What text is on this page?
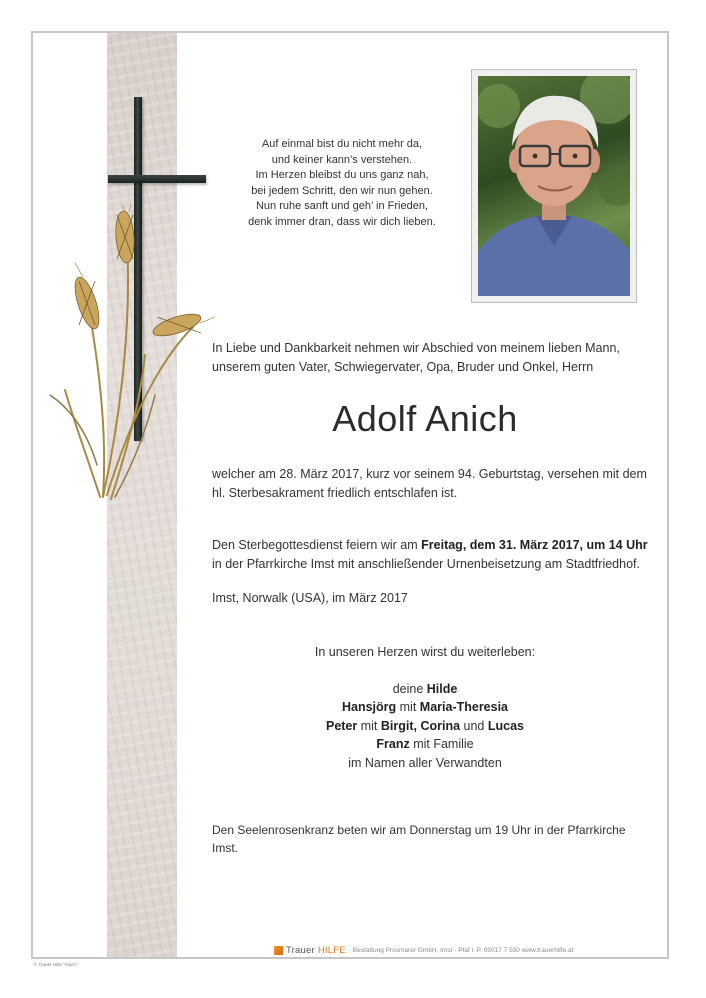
Auf einmal bist du nicht mehr da,
und keiner kann’s verstehen.
Im Herzen bleibst du uns ganz nah,
bei jedem Schritt, den wir nun gehen.
Nun ruhe sanft und geh’ in Frieden,
denk immer dran, dass wir dich lieben.
In Liebe und Dankbarkeit nehmen wir Abschied von meinem lieben Mann, unserem guten Vater, Schwiegervater, Opa, Bruder und Onkel, Herrn
Adolf Anich
welcher am 28. März 2017, kurz vor seinem 94. Geburtstag, versehen mit dem hl. Sterbesakrament friedlich entschlafen ist.
Den Sterbegottesdienst feiern wir am Freitag, dem 31. März 2017, um 14 Uhr in der Pfarrkirche Imst mit anschließender Urnenbeisetzung am Stadtfriedhof.
Imst, Norwalk (USA), im März 2017
In unseren Herzen wirst du weiterleben:
deine Hilde
Hansjörg mit Maria-Theresia
Peter mit Birgit, Corina und Lucas
Franz mit Familie
im Namen aller Verwandten
Den Seelenrosenkranz beten wir am Donnerstag um 19 Uhr in der Pfarrkirche Imst.
Trauer HILFE Bestattung Prosmarer GmbH, Imst - Pfaf i. P. 05017 7 550 www.trauerhilfe.at
© Trauer Hilfe "Anich"
